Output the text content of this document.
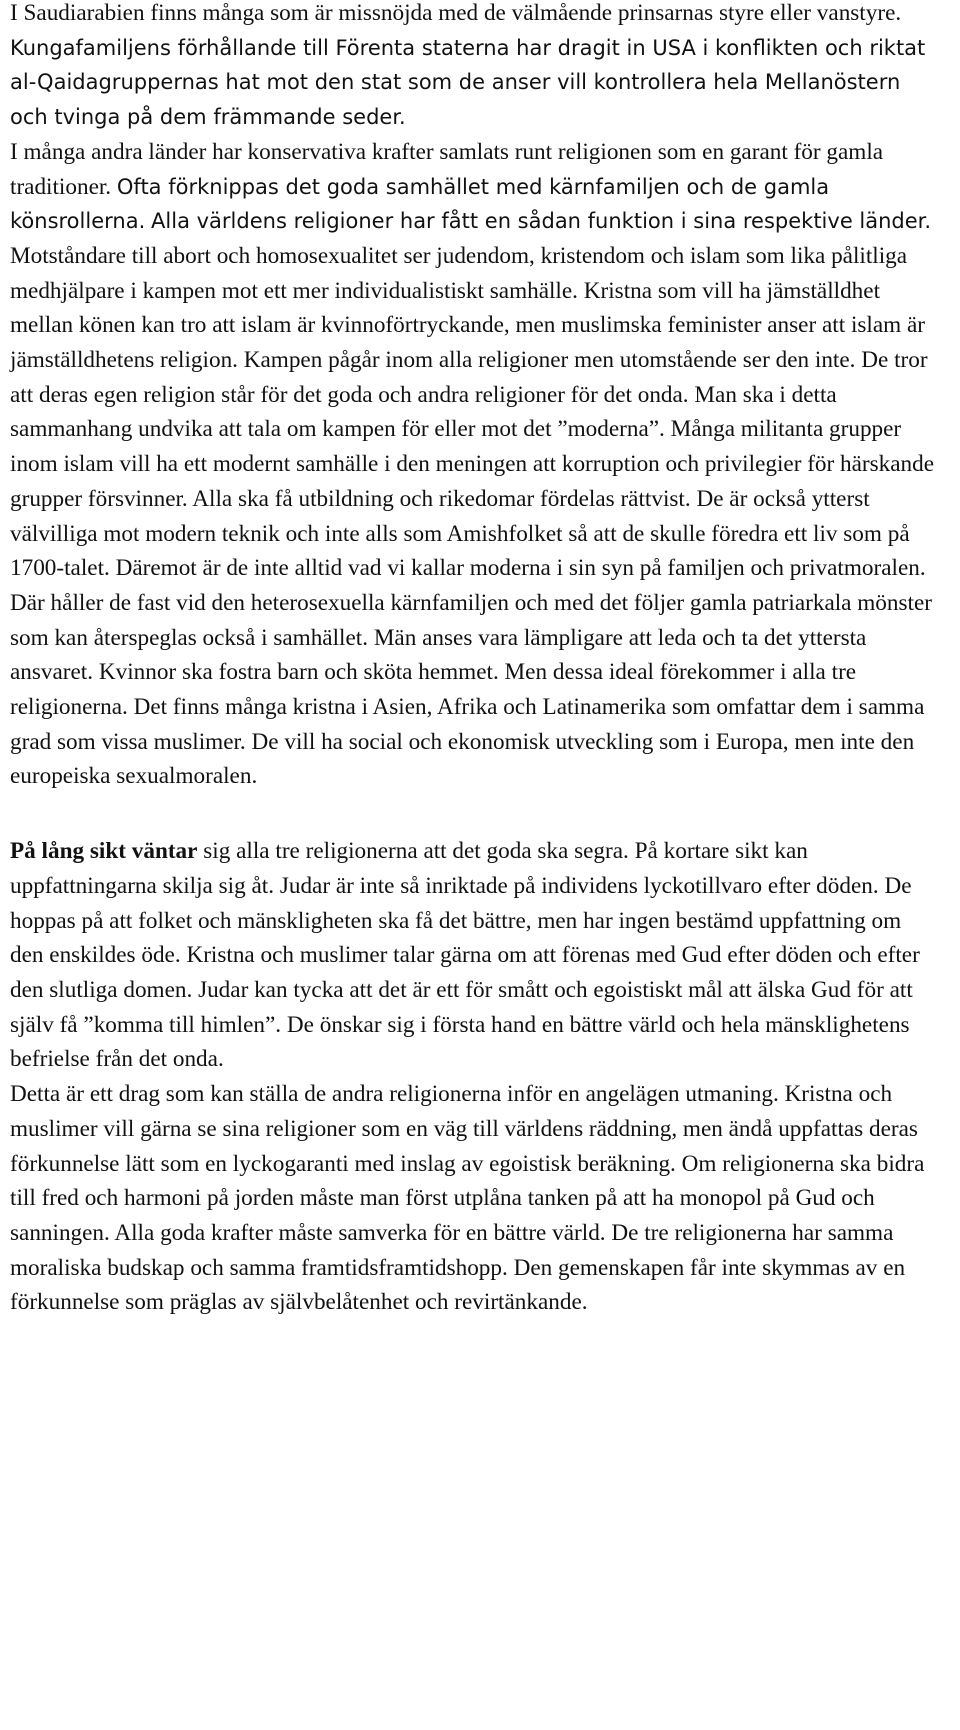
I Saudiarabien finns många som är missnöjda med de välmående prinsarnas styre eller vanstyre. Kungafamiljens förhållande till Förenta staterna har dragit in USA i konflikten och riktat al-Qaidagruppernas hat mot den stat som de anser vill kontrollera hela Mellanöstern och tvinga på dem främmande seder.
I många andra länder har konservativa krafter samlats runt religionen som en garant för gamla traditioner. Ofta förknippas det goda samhället med kärnfamiljen och de gamla könsrollerna. Alla världens religioner har fått en sådan funktion i sina respektive länder. Motståndare till abort och homosexualitet ser judendom, kristendom och islam som lika pålitliga medhjälpare i kampen mot ett mer individualistiskt samhälle. Kristna som vill ha jämställdhet mellan könen kan tro att islam är kvinnoförtryckande, men muslimska feminister anser att islam är jämställdhetens religion. Kampen pågår inom alla religioner men utomstående ser den inte. De tror att deras egen religion står för det goda och andra religioner för det onda. Man ska i detta sammanhang undvika att tala om kampen för eller mot det ”moderna”. Många militanta grupper inom islam vill ha ett modernt samhälle i den meningen att korruption och privilegier för härskande grupper försvinner. Alla ska få utbildning och rikedomar fördelas rättvist. De är också ytterst välvilliga mot modern teknik och inte alls som Amishfolket så att de skulle föredra ett liv som på 1700-talet. Däremot är de inte alltid vad vi kallar moderna i sin syn på familjen och privatmoralen. Där håller de fast vid den heterosexuella kärnfamiljen och med det följer gamla patriarkala mönster som kan återspeglas också i samhället. Män anses vara lämpligare att leda och ta det yttersta ansvaret. Kvinnor ska fostra barn och sköta hemmet. Men dessa ideal förekommer i alla tre religionerna. Det finns många kristna i Asien, Afrika och Latinamerika som omfattar dem i samma grad som vissa muslimer. De vill ha social och ekonomisk utveckling som i Europa, men inte den europeiska sexualmoralen.

På lång sikt väntar sig alla tre religionerna att det goda ska segra. På kortare sikt kan uppfattningarna skilja sig åt. Judar är inte så inriktade på individens lyckotillvaro efter döden. De hoppas på att folket och mänskligheten ska få det bättre, men har ingen bestämd uppfattning om den enskildes öde. Kristna och muslimer talar gärna om att förenas med Gud efter döden och efter den slutliga domen. Judar kan tycka att det är ett för smått och egoistiskt mål att älska Gud för att själv få ”komma till himlen”. De önskar sig i första hand en bättre värld och hela mänsklighetens befrielse från det onda.
Detta är ett drag som kan ställa de andra religionerna inför en angelägen utmaning. Kristna och muslimer vill gärna se sina religioner som en väg till världens räddning, men ändå uppfattas deras förkunnelse lätt som en lyckogaranti med inslag av egoistisk beräkning. Om religionerna ska bidra till fred och harmoni på jorden måste man först utplåna tanken på att ha monopol på Gud och sanningen. Alla goda krafter måste samverka för en bättre värld. De tre religionerna har samma moraliska budskap och samma framtidsframtidshopp. Den gemenskapen får inte skymmas av en förkunnelse som präglas av självbelåtenhet och revirtänkande.
